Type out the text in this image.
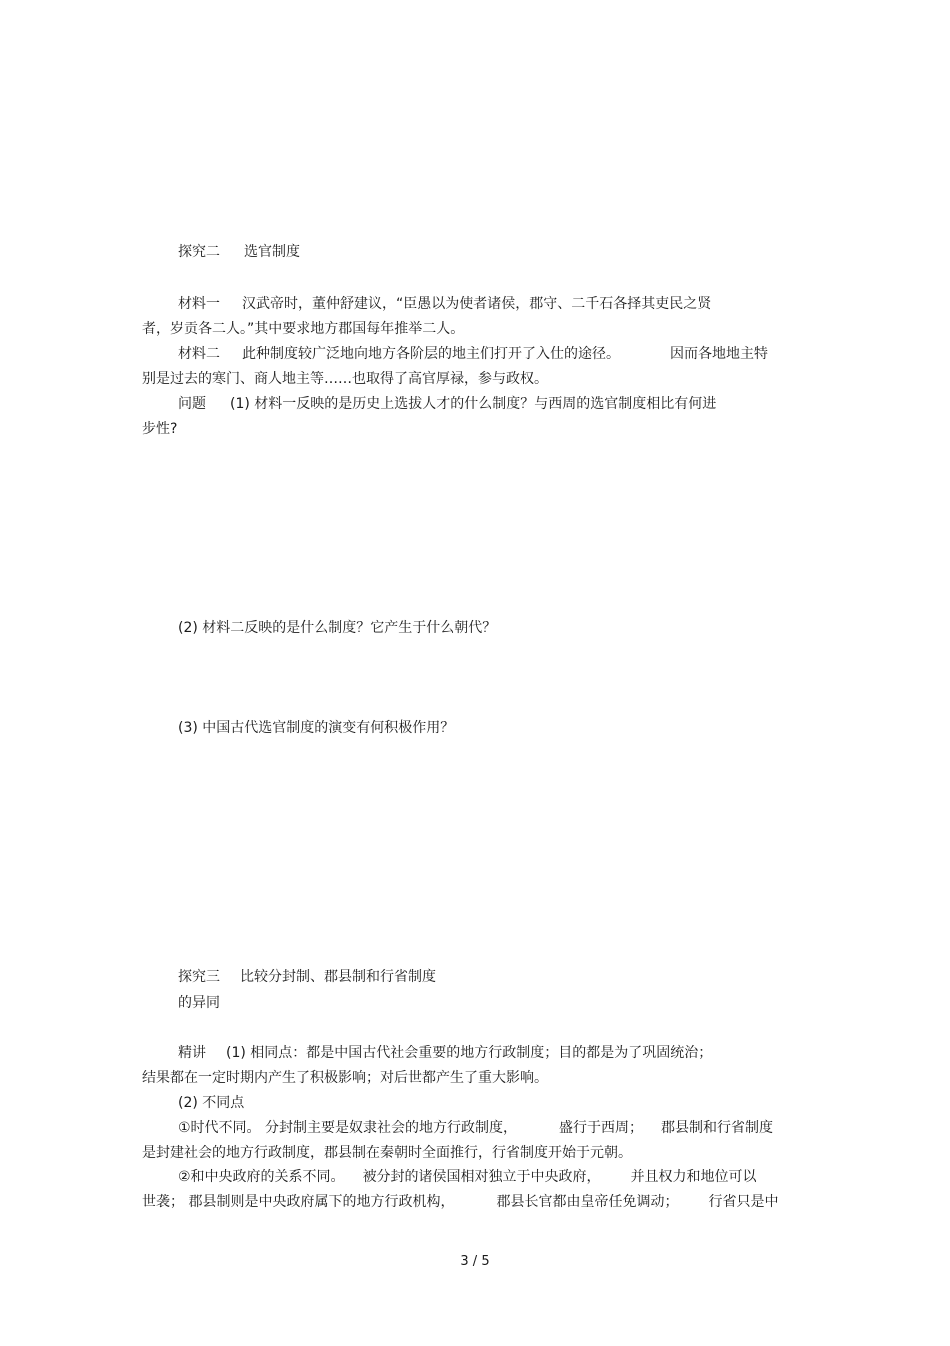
探究二 选官制度
材料一 汉武帝时，董仲舒建议，“臣愚以为使者诸侯，郡守、二千石各择其吏民之贤
者，岁贡各二人。”其中要求地方郡国每年推举二人。
材料二 此种制度较广泛地向地方各阶层的地主们打开了入仕的途径。	因而各地地主特
别是过去的寒门、商人地主等……也取得了高官厚禄，参与政权。
问题 (1) 材料一反映的是历史上选拔人才的什么制度？与西周的选官制度相比有何进
步性?
(2) 材料二反映的是什么制度？它产生于什么朝代？
(3) 中国古代选官制度的演变有何积极作用？
探究三 比较分封制、郡县制和行省制度
的异同
精讲 (1) 相同点：都是中国古代社会重要的地方行政制度；目的都是为了巩固统治；
结果都在一定时期内产生了积极影响；对后世都产生了重大影响。
(2) 不同点
①时代不同。 分封制主要是奴隶社会的地方行政制度，	盛行于西周； 郡县制和行省制度
是封建社会的地方行政制度，郡县制在秦朝时全面推行，行省制度开始于元朝。
②和中央政府的关系不同。 被分封的诸侯国相对独立于中央政府， 并且权力和地位可以
世袭； 郡县制则是中央政府属下的地方行政机构，	郡县长官都由皇帝任免调动； 行省只是中
3 / 5
